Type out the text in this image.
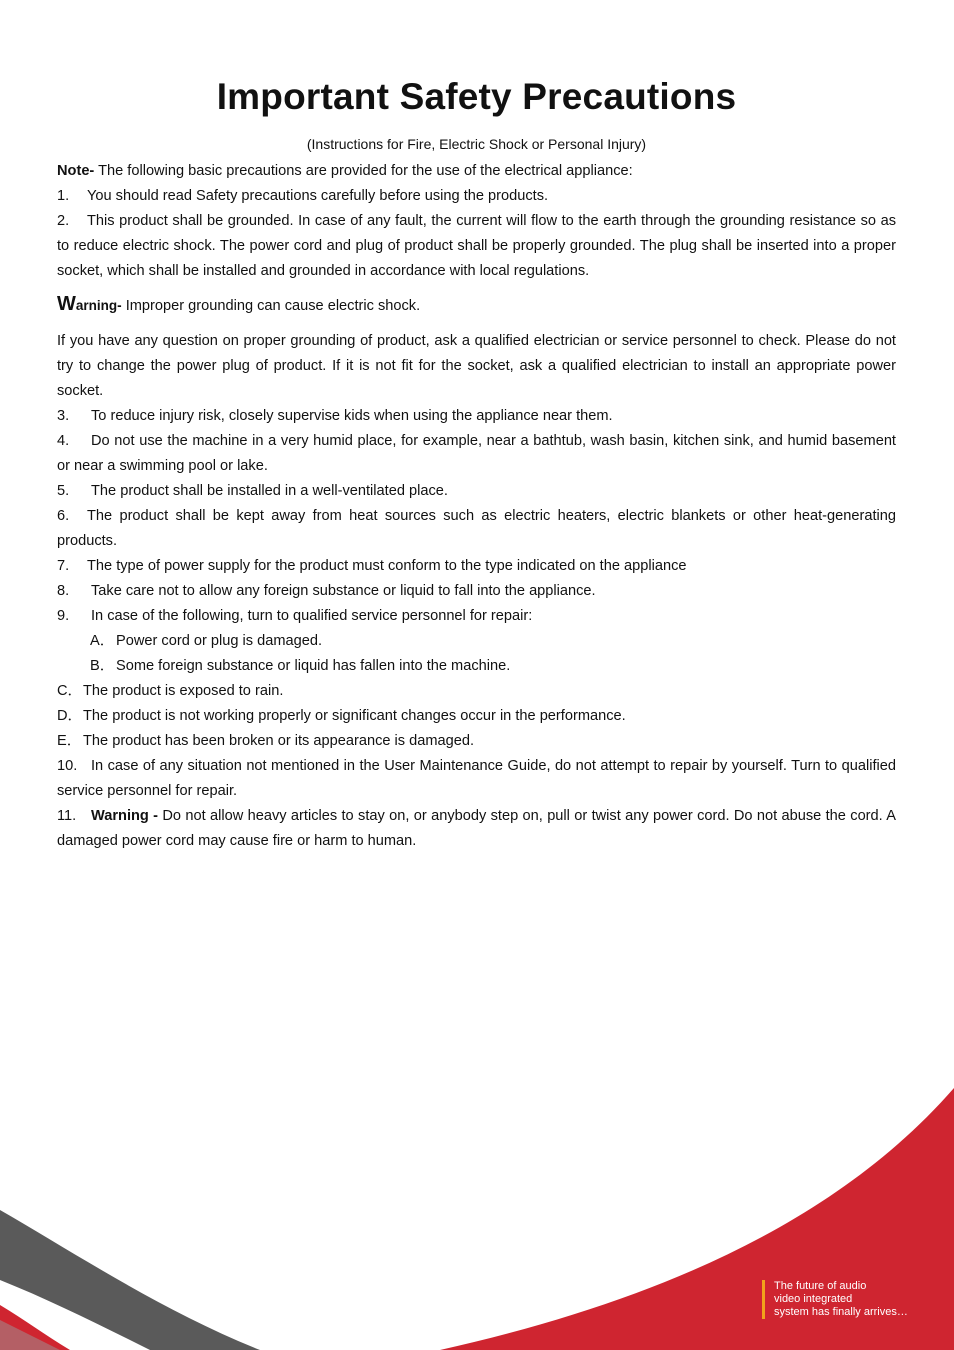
Important Safety Precautions
(Instructions for Fire, Electric Shock or Personal Injury)

Note- The following basic precautions are provided for the use of the electrical appliance:

1. You should read Safety precautions carefully before using the products.

2. This product shall be grounded. In case of any fault, the current will flow to the earth through the grounding resistance so as to reduce electric shock. The power cord and plug of product shall be properly grounded. The plug shall be inserted into a proper socket, which shall be installed and grounded in accordance with local regulations.

Warning- Improper grounding can cause electric shock.

If you have any question on proper grounding of product, ask a qualified electrician or service personnel to check. Please do not try to change the power plug of product. If it is not fit for the socket, ask a qualified electrician to install an appropriate power socket.

3. To reduce injury risk, closely supervise kids when using the appliance near them.

4. Do not use the machine in a very humid place, for example, near a bathtub, wash basin, kitchen sink, and humid basement or near a swimming pool or lake.

5. The product shall be installed in a well-ventilated place.

6. The product shall be kept away from heat sources such as electric heaters, electric blankets or other heat-generating products.

7. The type of power supply for the product must conform to the type indicated on the appliance

8. Take care not to allow any foreign substance or liquid to fall into the appliance.

9. In case of the following, turn to qualified service personnel for repair:

A． Power cord or plug is damaged.

B． Some foreign substance or liquid has fallen into the machine.

C．The product is exposed to rain.

D．The product is not working properly or significant changes occur in the performance.

E． The product has been broken or its appearance is damaged.

10. In case of any situation not mentioned in the User Maintenance Guide, do not attempt to repair by yourself. Turn to qualified service personnel for repair.

11. Warning - Do not allow heavy articles to stay on, or anybody step on, pull or twist any power cord. Do not abuse the cord. A damaged power cord may cause fire or harm to human.

The future of audio
video integrated
system has finally arrives…
